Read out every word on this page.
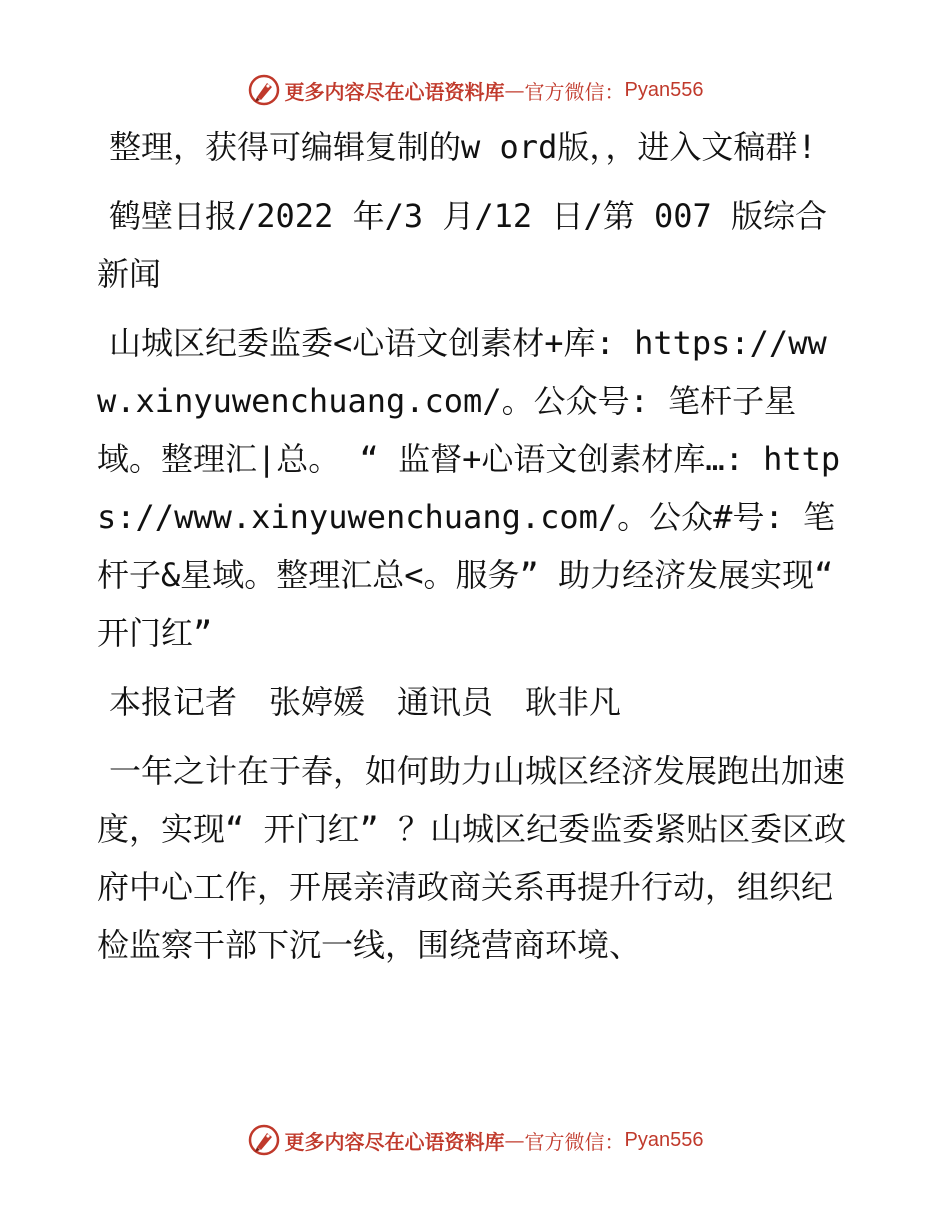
更多内容尽在心语资料库 — 官方微信： Pyan556

整理，获得可编辑复制的w ord版，，进入文稿群!

鹤壁日报/2022 年/3 月/12 日/第 007 版综合新闻

山城区纪委监委<心语文创素材+库: https://www.xinyuwenchuang.com/。公众号: 笔杆子星域。整理汇|总。 “ 监督+心语文创素材库…: https://www.xinyuwenchuang.com/。公众#号: 笔杆子&星域。整理汇总<。服务” 助力经济发展实现“ 开门红”

本报记者　张婷媛　通讯员　耿非凡

一年之计在于春，如何助力山城区经济发展跑出加速度，实现“ 开门红” ？山城区纪委监委紧贴区委区政府中心工作，开展亲清政商关系再提升行动，组织纪检监察干部下沉一线，围绕营商环境、

更多内容尽在心语资料库 — 官方微信： Pyan556
